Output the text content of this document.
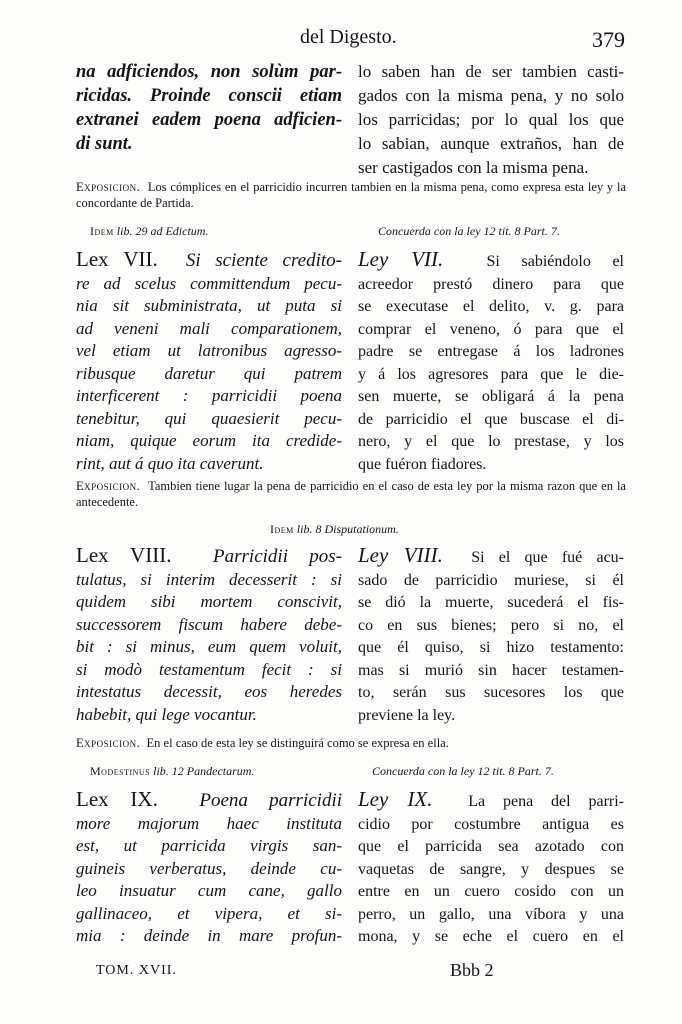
del Digesto.	379

na adficiendos, non solùm par-

ricidas. Proinde conscii etiam

extranei eadem poena adficien-

di sunt.

lo saben han de ser tambien casti-

gados con la misma pena, y no solo

los parricidas; por lo qual los que

lo sabian, aunque extraños, han de

ser castigados con la misma pena.

Exposicion. Los cómplices en el parricidio incurren tambien en la misma pena, como expresa esta ley y la concordante de Partida.
Idem lib. 29 ad Edictum.	Concuerda con la ley 12 tit. 8 Part. 7.

Lex VII. Si sciente credito-

re ad scelus committendum pecu-

nia sit subministrata, ut puta si

ad veneni mali comparationem,

vel etiam ut latronibus agresso-

ribusque daretur qui patrem

interficerent : parricidii poena

tenebitur, qui quaesierit pecu-

niam, quique eorum ita credide-

rint, aut á quo ita caverunt.

Ley VII.	Si sabiéndolo el

acreedor prestó dinero para que

se executase el delito, v. g. para

comprar el veneno, ó para que el

padre se entregase á los ladrones

y á los agresores para que le die-

sen muerte, se obligará á la pena

de parricidio el que buscase el di-

nero, y el que lo prestase, y los

que fuéron fiadores.

Exposicion. Tambien tiene lugar la pena de parricidio en el caso de esta ley por la misma razon que en la antecedente.
Idem lib. 8 Disputationum.

Lex VIII. Parricidii pos-

tulatus, si interim decesserit : si

quidem sibi mortem conscivit,

successorem fiscum habere debe-

bit : si minus, eum quem voluit,

si modò testamentum fecit : si

intestatus decessit, eos heredes

habebit, qui lege vocantur.

Ley VIII. Si el que fué acu-

sado de parricidio muriese, si él

se dió la muerte, sucederá el fis-

co en sus bienes; pero si no, el

que él quiso, si hizo testamento:

mas si murió sin hacer testamen-

to, serán sus sucesores los que

previene la ley.

Exposicion. En el caso de esta ley se distinguirá como se expresa en ella.
Modestinus lib. 12 Pandectarum.	Concuerda con la ley 12 tit. 8 Part. 7.

Lex IX. Poena parricidii

more majorum haec instituta

est, ut parricida virgis san-

guineis verberatus, deinde cu-

leo insuatur cum cane, gallo

gallinaceo, et vipera, et si-

mia : deinde in mare profun-

Ley IX. La pena del parri-

cidio por costumbre antigua es

que el parricida sea azotado con

vaquetas de sangre, y despues se

entre en un cuero cosido con un

perro, un gallo, una víbora y una

mona, y se eche el cuero en el

TOM. XVII.	Bbb 2
